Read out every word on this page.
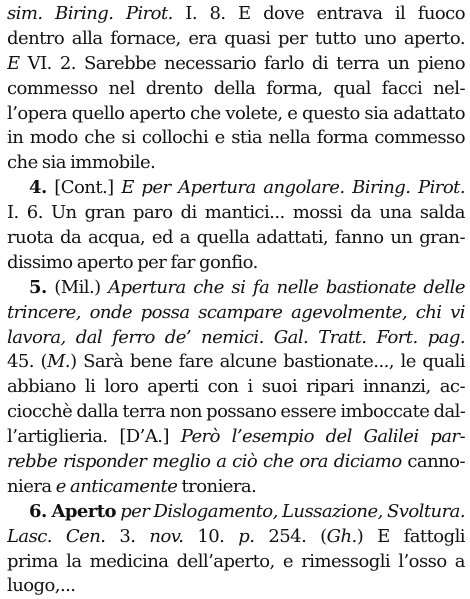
sim. Biring. Pirot. I. 8. E dove entrava il fuoco
dentro alla fornace, era quasi per tutto uno aperto.
E VI. 2. Sarebbe necessario farlo di terra un pieno
commesso nel drento della forma, qual facci nel-
l’opera quello aperto che volete, e questo sia adattato
in modo che si collochi e stia nella forma commesso
che sia immobile.
4. [Cont.] E per Apertura angolare. Biring. Pirot.
I. 6. Un gran paro di mantici... mossi da una salda
ruota da acqua, ed a quella adattati, fanno un gran-
dissimo aperto per far gonfio.
5. (Mil.) Apertura che si fa nelle bastionate delle
trincere, onde possa scampare agevolmente, chi vi
lavora, dal ferro de’ nemici. Gal. Tratt. Fort. pag.
45. (M.) Sarà bene fare alcune bastionate..., le quali
abbiano li loro aperti con i suoi ripari innanzi, ac-
ciocchè dalla terra non possano essere imboccate dal-
l’artiglieria. [D’A.] Però l’esempio del Galilei par-
rebbe risponder meglio a ciò che ora diciamo canno-
niera e anticamente troniera.
6. Aperto per Dislogamento, Lussazione, Svoltura.
Lasc. Cen. 3. nov. 10. p. 254. (Gh.) E fattogli
prima la medicina dell’aperto, e rimessogli l’osso a
luogo,...
